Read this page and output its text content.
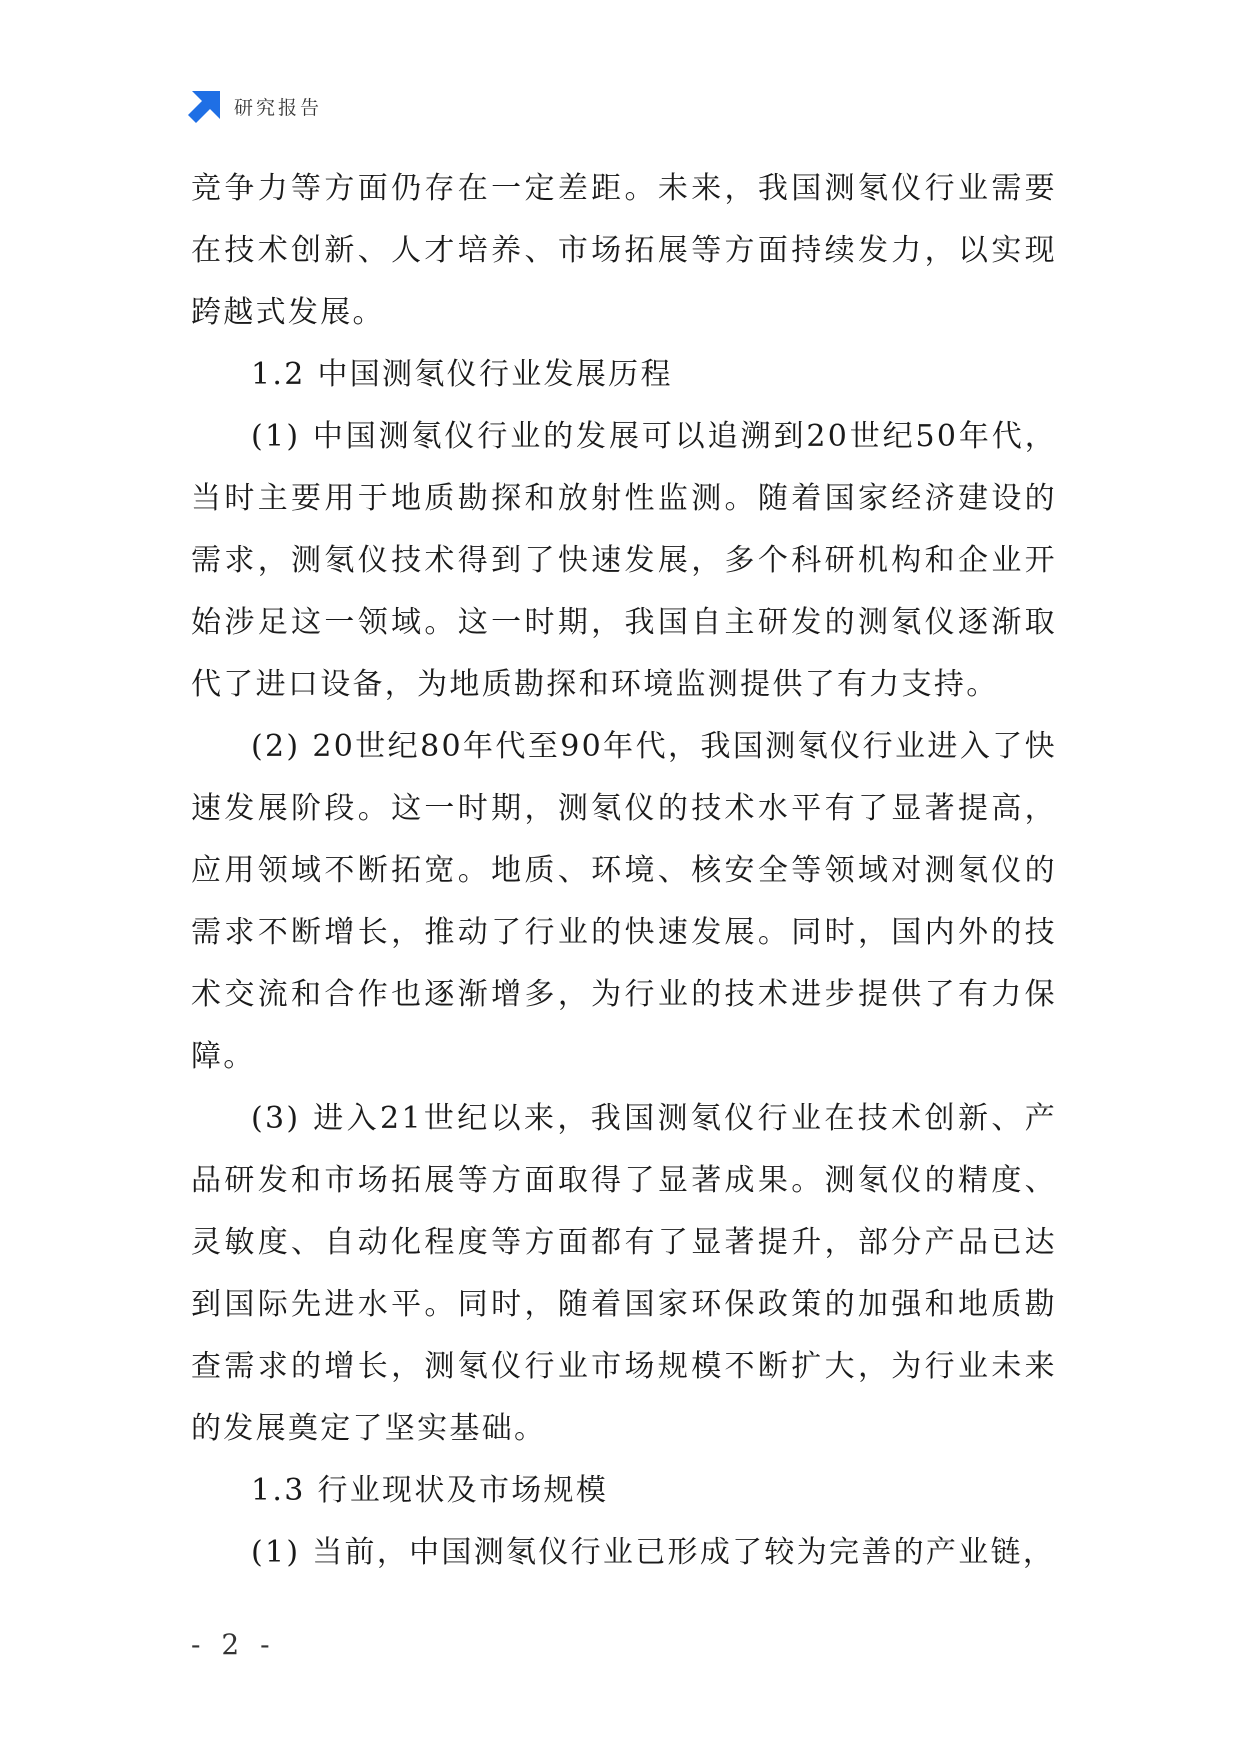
研究报告

竞争力等方面仍存在一定差距。未来，我国测氡仪行业需要在技术创新、人才培养、市场拓展等方面持续发力，以实现跨越式发展。

1.2 中国测氡仪行业发展历程

(1) 中国测氡仪行业的发展可以追溯到20世纪50年代，当时主要用于地质勘探和放射性监测。随着国家经济建设的需求，测氡仪技术得到了快速发展，多个科研机构和企业开始涉足这一领域。这一时期，我国自主研发的测氡仪逐渐取代了进口设备，为地质勘探和环境监测提供了有力支持。

(2) 20世纪80年代至90年代，我国测氡仪行业进入了快速发展阶段。这一时期，测氡仪的技术水平有了显著提高，应用领域不断拓宽。地质、环境、核安全等领域对测氡仪的需求不断增长，推动了行业的快速发展。同时，国内外的技术交流和合作也逐渐增多，为行业的技术进步提供了有力保障。

(3) 进入21世纪以来，我国测氡仪行业在技术创新、产品研发和市场拓展等方面取得了显著成果。测氡仪的精度、灵敏度、自动化程度等方面都有了显著提升，部分产品已达到国际先进水平。同时，随着国家环保政策的加强和地质勘查需求的增长，测氡仪行业市场规模不断扩大，为行业未来的发展奠定了坚实基础。

1.3 行业现状及市场规模

(1) 当前，中国测氡仪行业已形成了较为完善的产业链，

- 2 -
